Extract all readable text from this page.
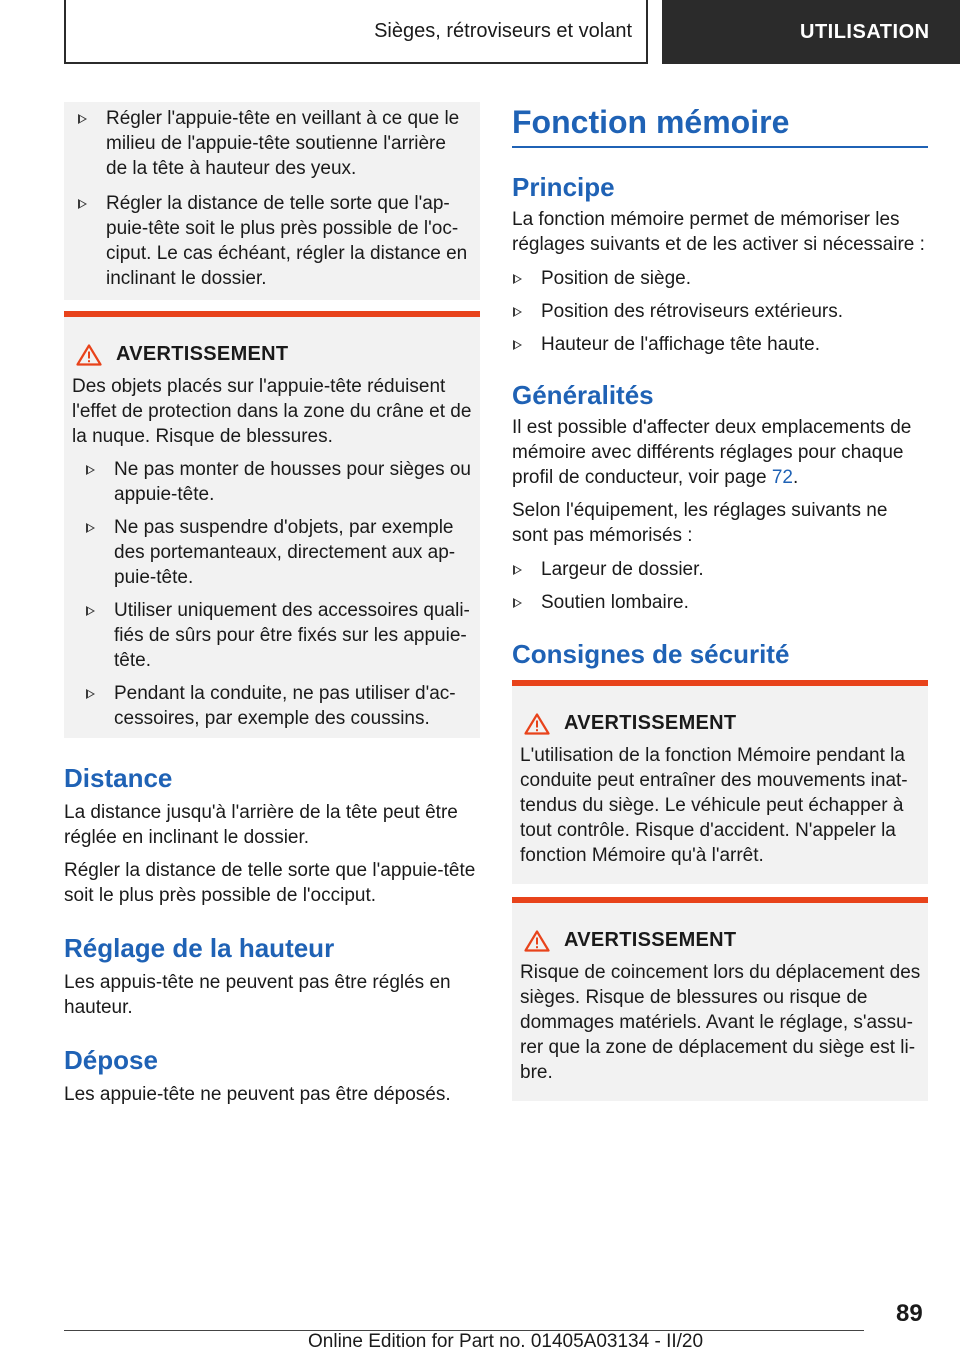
Sièges, rétroviseurs et volant	UTILISATION
Régler l'appuie-tête en veillant à ce que le milieu de l'appuie-tête soutienne l'arrière de la tête à hauteur des yeux.
Régler la distance de telle sorte que l'ap-puie-tête soit le plus près possible de l'oc-ciput. Le cas échéant, régler la distance en inclinant le dossier.
AVERTISSEMENT

Des objets placés sur l'appuie-tête réduisent l'effet de protection dans la zone du crâne et de la nuque. Risque de blessures.

Ne pas monter de housses pour sièges ou appuie-tête.
Ne pas suspendre d'objets, par exemple des portemanteaux, directement aux ap-puie-tête.
Utiliser uniquement des accessoires quali-fiés de sûrs pour être fixés sur les appuie-tête.
Pendant la conduite, ne pas utiliser d'ac-cessoires, par exemple des coussins.
Distance

La distance jusqu'à l'arrière de la tête peut être réglée en inclinant le dossier.

Régler la distance de telle sorte que l'appuie-tête soit le plus près possible de l'occiput.

Réglage de la hauteur

Les appuis-tête ne peuvent pas être réglés en hauteur.

Dépose

Les appuie-tête ne peuvent pas être déposés.

Fonction mémoire
Principe

La fonction mémoire permet de mémoriser les réglages suivants et de les activer si nécessaire :

Position de siège.
Position des rétroviseurs extérieurs.
Hauteur de l'affichage tête haute.
Généralités

Il est possible d'affecter deux emplacements de mémoire avec différents réglages pour chaque profil de conducteur, voir page 72.

Selon l'équipement, les réglages suivants ne sont pas mémorisés :

Largeur de dossier.
Soutien lombaire.
Consignes de sécurité
AVERTISSEMENT

L'utilisation de la fonction Mémoire pendant la conduite peut entraîner des mouvements inat-tendus du siège. Le véhicule peut échapper à tout contrôle. Risque d'accident. N'appeler la fonction Mémoire qu'à l'arrêt.

AVERTISSEMENT

Risque de coincement lors du déplacement des sièges. Risque de blessures ou risque de dommages matériels. Avant le réglage, s'assu-rer que la zone de déplacement du siège est li-bre.

89
Online Edition for Part no. 01405A03134 - II/20
